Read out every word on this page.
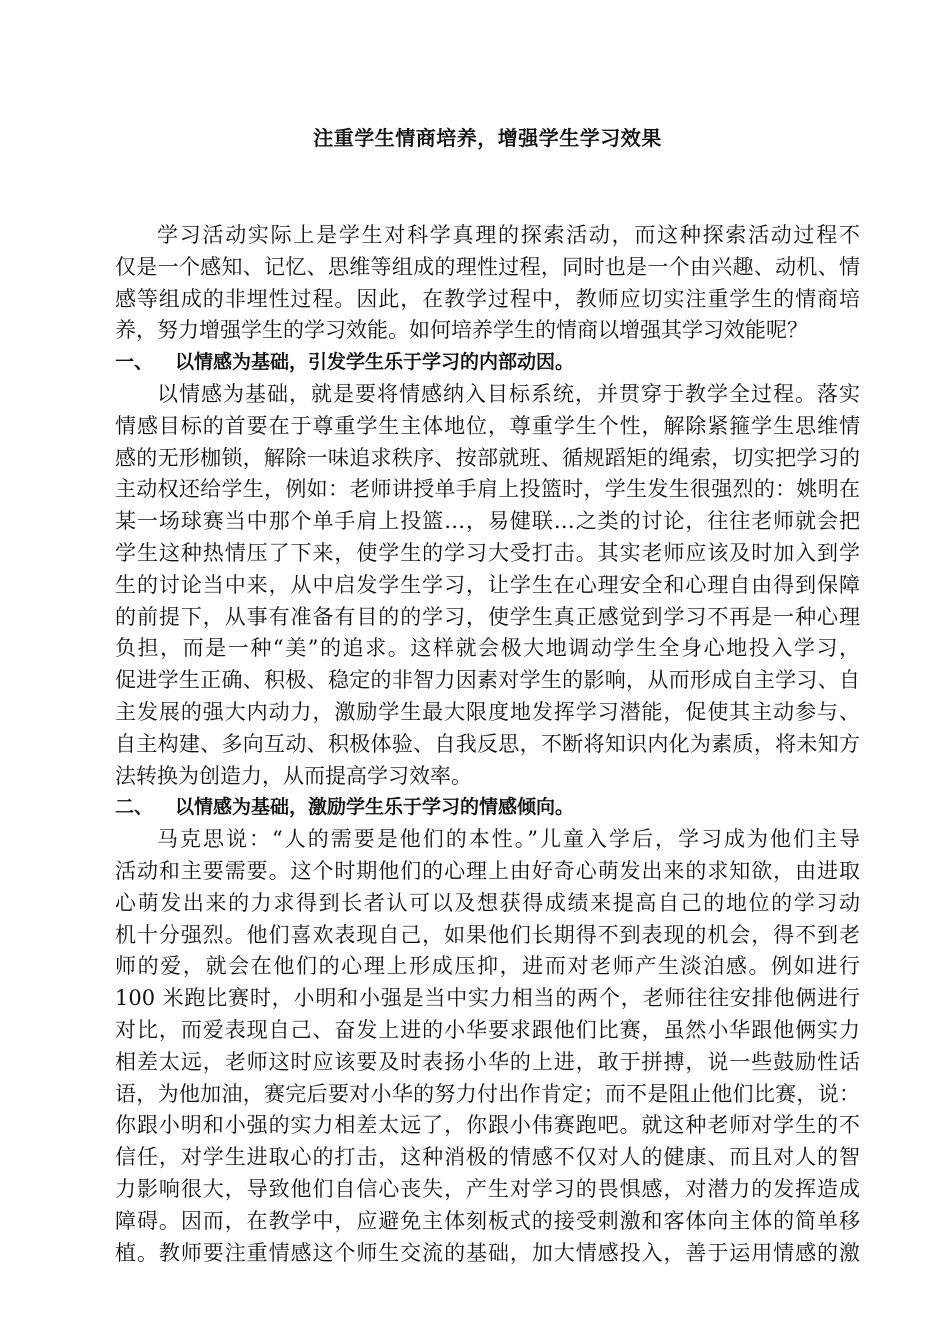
注重学生情商培养，增强学生学习效果
学习活动实际上是学生对科学真理的探索活动，而这种探索活动过程不
仅是一个感知、记忆、思维等组成的理性过程，同时也是一个由兴趣、动机、情
感等组成的非埋性过程。因此，在教学过程中，教师应切实注重学生的情商培
养，努力增强学生的学习效能。如何培养学生的情商以增强其学习效能呢？
一、 以情感为基础，引发学生乐于学习的内部动因。
以情感为基础，就是要将情感纳入目标系统，并贯穿于教学全过程。落实
情感目标的首要在于尊重学生主体地位，尊重学生个性，解除紧箍学生思维情
感的无形枷锁，解除一味追求秩序、按部就班、循规蹈矩的绳索，切实把学习的
主动权还给学生，例如：老师讲授单手肩上投篮时，学生发生很强烈的：姚明在
某一场球赛当中那个单手肩上投篮…，易健联…之类的讨论，往往老师就会把
学生这种热情压了下来，使学生的学习大受打击。其实老师应该及时加入到学
生的讨论当中来，从中启发学生学习，让学生在心理安全和心理自由得到保障
的前提下，从事有准备有目的的学习，使学生真正感觉到学习不再是一种心理
负担，而是一种“美”的追求。这样就会极大地调动学生全身心地投入学习，
促进学生正确、积极、稳定的非智力因素对学生的影响，从而形成自主学习、自
主发展的强大内动力，激励学生最大限度地发挥学习潜能，促使其主动参与、
自主构建、多向互动、积极体验、自我反思，不断将知识内化为素质，将未知方
法转换为创造力，从而提高学习效率。
二、 以情感为基础，激励学生乐于学习的情感倾向。
马克思说：“人的需要是他们的本性。”儿童入学后，学习成为他们主导
活动和主要需要。这个时期他们的心理上由好奇心萌发出来的求知欲，由进取
心萌发出来的力求得到长者认可以及想获得成绩来提高自己的地位的学习动
机十分强烈。他们喜欢表现自己，如果他们长期得不到表现的机会，得不到老
师的爱，就会在他们的心理上形成压抑，进而对老师产生淡泊感。例如进行
100 米跑比赛时，小明和小强是当中实力相当的两个，老师往往安排他俩进行
对比，而爱表现自己、奋发上进的小华要求跟他们比赛，虽然小华跟他俩实力
相差太远，老师这时应该要及时表扬小华的上进，敢于拼搏，说一些鼓励性话
语，为他加油，赛完后要对小华的努力付出作肯定；而不是阻止他们比赛，说：
你跟小明和小强的实力相差太远了，你跟小伟赛跑吧。就这种老师对学生的不
信任，对学生进取心的打击，这种消极的情感不仅对人的健康、而且对人的智
力影响很大，导致他们自信心丧失，产生对学习的畏惧感，对潜力的发挥造成
障碍。因而，在教学中，应避免主体刻板式的接受刺激和客体向主体的简单移
植。教师要注重情感这个师生交流的基础，加大情感投入，善于运用情感的激
